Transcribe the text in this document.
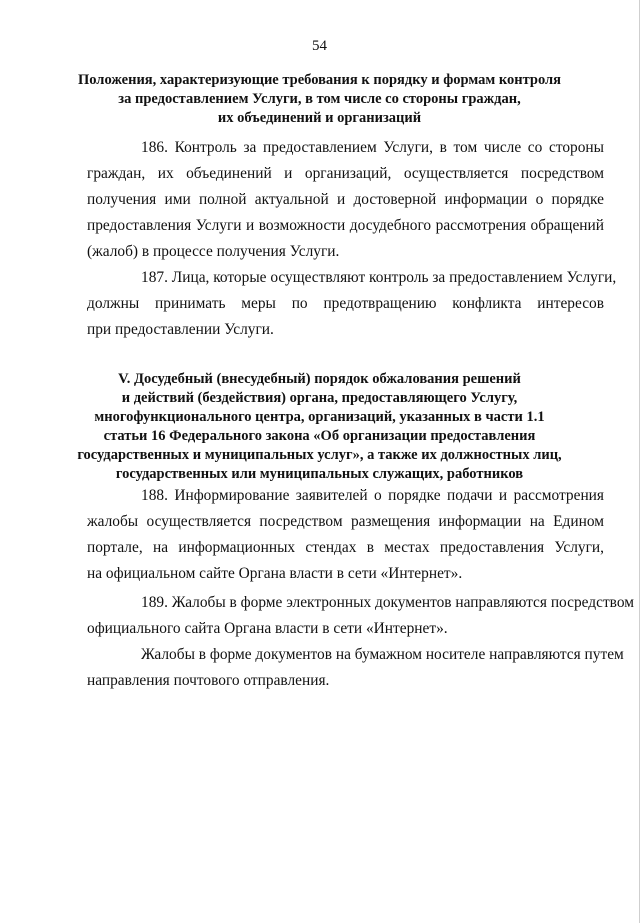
54
Положения, характеризующие требования к порядку и формам контроля
за предоставлением Услуги, в том числе со стороны граждан,
их объединений и организаций

186. Контроль за предоставлением Услуги, в том числе со стороны
граждан, их объединений и организаций, осуществляется посредством
получения ими полной актуальной и достоверной информации о порядке
предоставления Услуги и возможности досудебного рассмотрения обращений
(жалоб) в процессе получения Услуги.

187. Лица, которые осуществляют контроль за предоставлением Услуги,
должны принимать меры по предотвращению конфликта интересов
при предоставлении Услуги.

V. Досудебный (внесудебный) порядок обжалования решений
и действий (бездействия) органа, предоставляющего Услугу,
многофункционального центра, организаций, указанных в части 1.1
статьи 16 Федерального закона «Об организации предоставления
государственных и муниципальных услуг», а также их должностных лиц,
государственных или муниципальных служащих, работников

188. Информирование заявителей о порядке подачи и рассмотрения
жалобы осуществляется посредством размещения информации на Едином
портале, на информационных стендах в местах предоставления Услуги,
на официальном сайте Органа власти в сети «Интернет».

189. Жалобы в форме электронных документов направляются посредством
официального сайта Органа власти в сети «Интернет».

Жалобы в форме документов на бумажном носителе направляются путем
направления почтового отправления.
